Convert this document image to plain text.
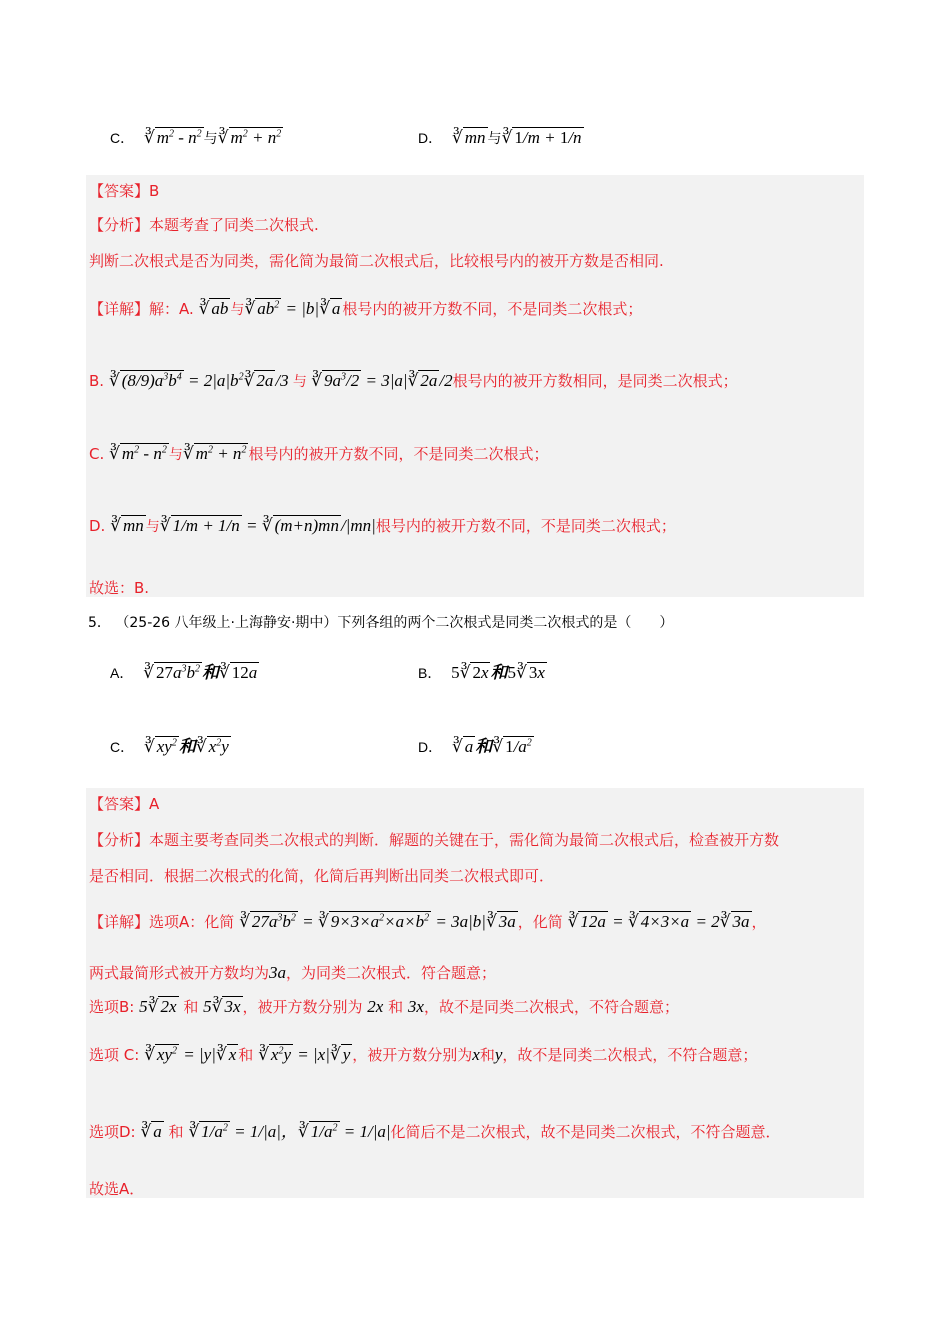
C． ∛ $m^2 - n^2$ 与∛ $m^2 + n^2$	D． ∛ mn 与∛ 1/m + 1/n
【答案】B
【分析】本题考查了同类二次根式.
判断二次根式是否为同类，需化简为最简二次根式后，比较根号内的被开方数是否相同.
【详解】解：A. ∛ ab 与∛ $ab^2$ = |b|∛ a 根号内的被开方数不同，不是同类二次根式；
B. ∛ $(8/9)a^3b^4$ = $2|a|b^2∛$ 2a /3 与 ∛ $9a^3/2$ = 3|a|∛ 2a /2根号内的被开方数相同，是同类二次根式；
C. ∛ $m^2 - n^2$ 与∛ $m^2 + n^2$ 根号内的被开方数不同，不是同类二次根式；
D. ∛ mn 与∛ 1/m + 1/n = ∛ (m+n)mn /|mn|根号内的被开方数不同，不是同类二次根式；
故选：B.
5． （25-26 八年级上·上海静安·期中）下列各组的两个二次根式是同类二次根式的是（　　）
A． ∛ $27a^3b^2$ 和∛ 12a	B． 5∛ 2x 和5∛ 3x
C． ∛ $xy^2$ 和∛ $x^2y$	D． ∛ a 和∛ $1/a^2$
【答案】A
【分析】本题主要考查同类二次根式的判断．解题的关键在于，需化简为最简二次根式后，检查被开方数
是否相同．根据二次根式的化简，化简后再判断出同类二次根式即可．
【详解】选项A：化简 ∛ $27a^3b^2$ = ∛ $9\times 3\times a^2\times a\times b^2$ = 3a|b|∛ 3a ，化简 ∛ 12a = ∛ 4×3×a = 2∛ 3a ，
两式最简形式被开方数均为3a，为同类二次根式．符合题意；
选项B: 5∛ 2x 和 5∛ 3x ，被开方数分别为 2x 和 3x，故不是同类二次根式，不符合题意；
选项 C: ∛ $xy^2$ = |y|∛ x 和 ∛ $x^2y$ = |x|∛ y ，被开方数分别为x和y，故不是同类二次根式，不符合题意；
选项D: ∛ a 和 ∛ $1/a^2 = 1/|a|$，∛ $1/a^2 = 1/|a|$化简后不是二次根式，故不是同类二次根式，不符合题意．
故选A．
